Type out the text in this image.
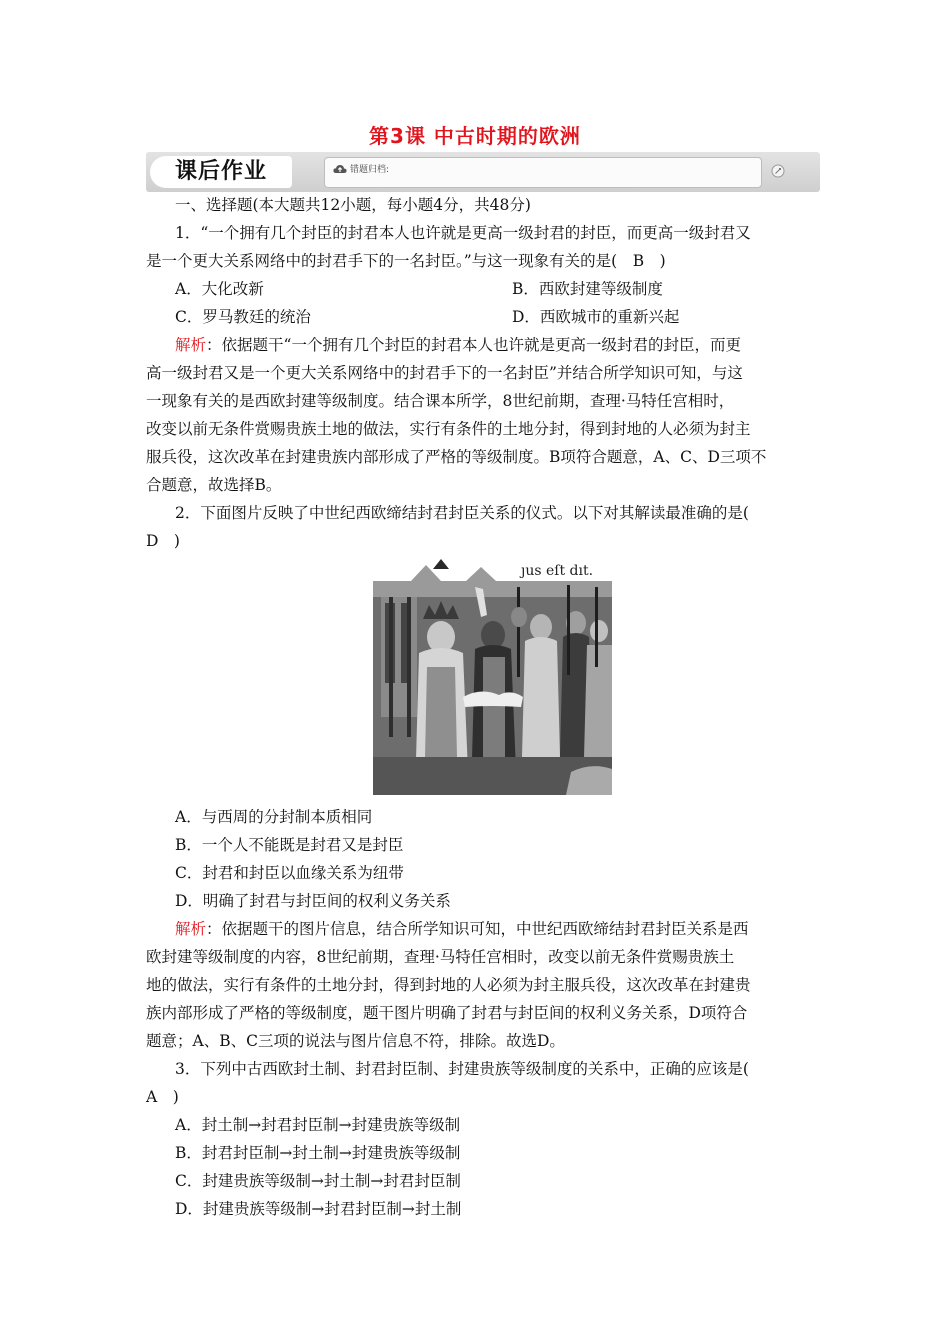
第3课 中古时期的欧洲
课后作业	错题归档:
一、选择题(本大题共12小题，每小题4分，共48分)
1．“一个拥有几个封臣的封君本人也许就是更高一级封君的封臣，而更高一级封君又
是一个更大关系网络中的封君手下的一名封臣。”与这一现象有关的是(　B　)
A．大化改新	B．西欧封建等级制度
C．罗马教廷的统治	D．西欧城市的重新兴起
解析：依据题干“一个拥有几个封臣的封君本人也许就是更高一级封君的封臣，而更
高一级封君又是一个更大关系网络中的封君手下的一名封臣”并结合所学知识可知，与这
一现象有关的是西欧封建等级制度。结合课本所学，8世纪前期，查理·马特任宫相时，
改变以前无条件赏赐贵族土地的做法，实行有条件的土地分封，得到封地的人必须为封主
服兵役，这次改革在封建贵族内部形成了严格的等级制度。B项符合题意，A、C、D三项不
合题意，故选择B。
2．下面图片反映了中世纪西欧缔结封君封臣关系的仪式。以下对其解读最准确的是(
D　)
ȷus eſt dıt.
A．与西周的分封制本质相同
B．一个人不能既是封君又是封臣
C．封君和封臣以血缘关系为纽带
D．明确了封君与封臣间的权利义务关系
解析：依据题干的图片信息，结合所学知识可知，中世纪西欧缔结封君封臣关系是西
欧封建等级制度的内容，8世纪前期，查理·马特任宫相时，改变以前无条件赏赐贵族土
地的做法，实行有条件的土地分封，得到封地的人必须为封主服兵役，这次改革在封建贵
族内部形成了严格的等级制度，题干图片明确了封君与封臣间的权利义务关系，D项符合
题意；A、B、C三项的说法与图片信息不符，排除。故选D。
3．下列中古西欧封土制、封君封臣制、封建贵族等级制度的关系中，正确的应该是(
A　)
A．封土制→封君封臣制→封建贵族等级制
B．封君封臣制→封土制→封建贵族等级制
C．封建贵族等级制→封土制→封君封臣制
D．封建贵族等级制→封君封臣制→封土制
